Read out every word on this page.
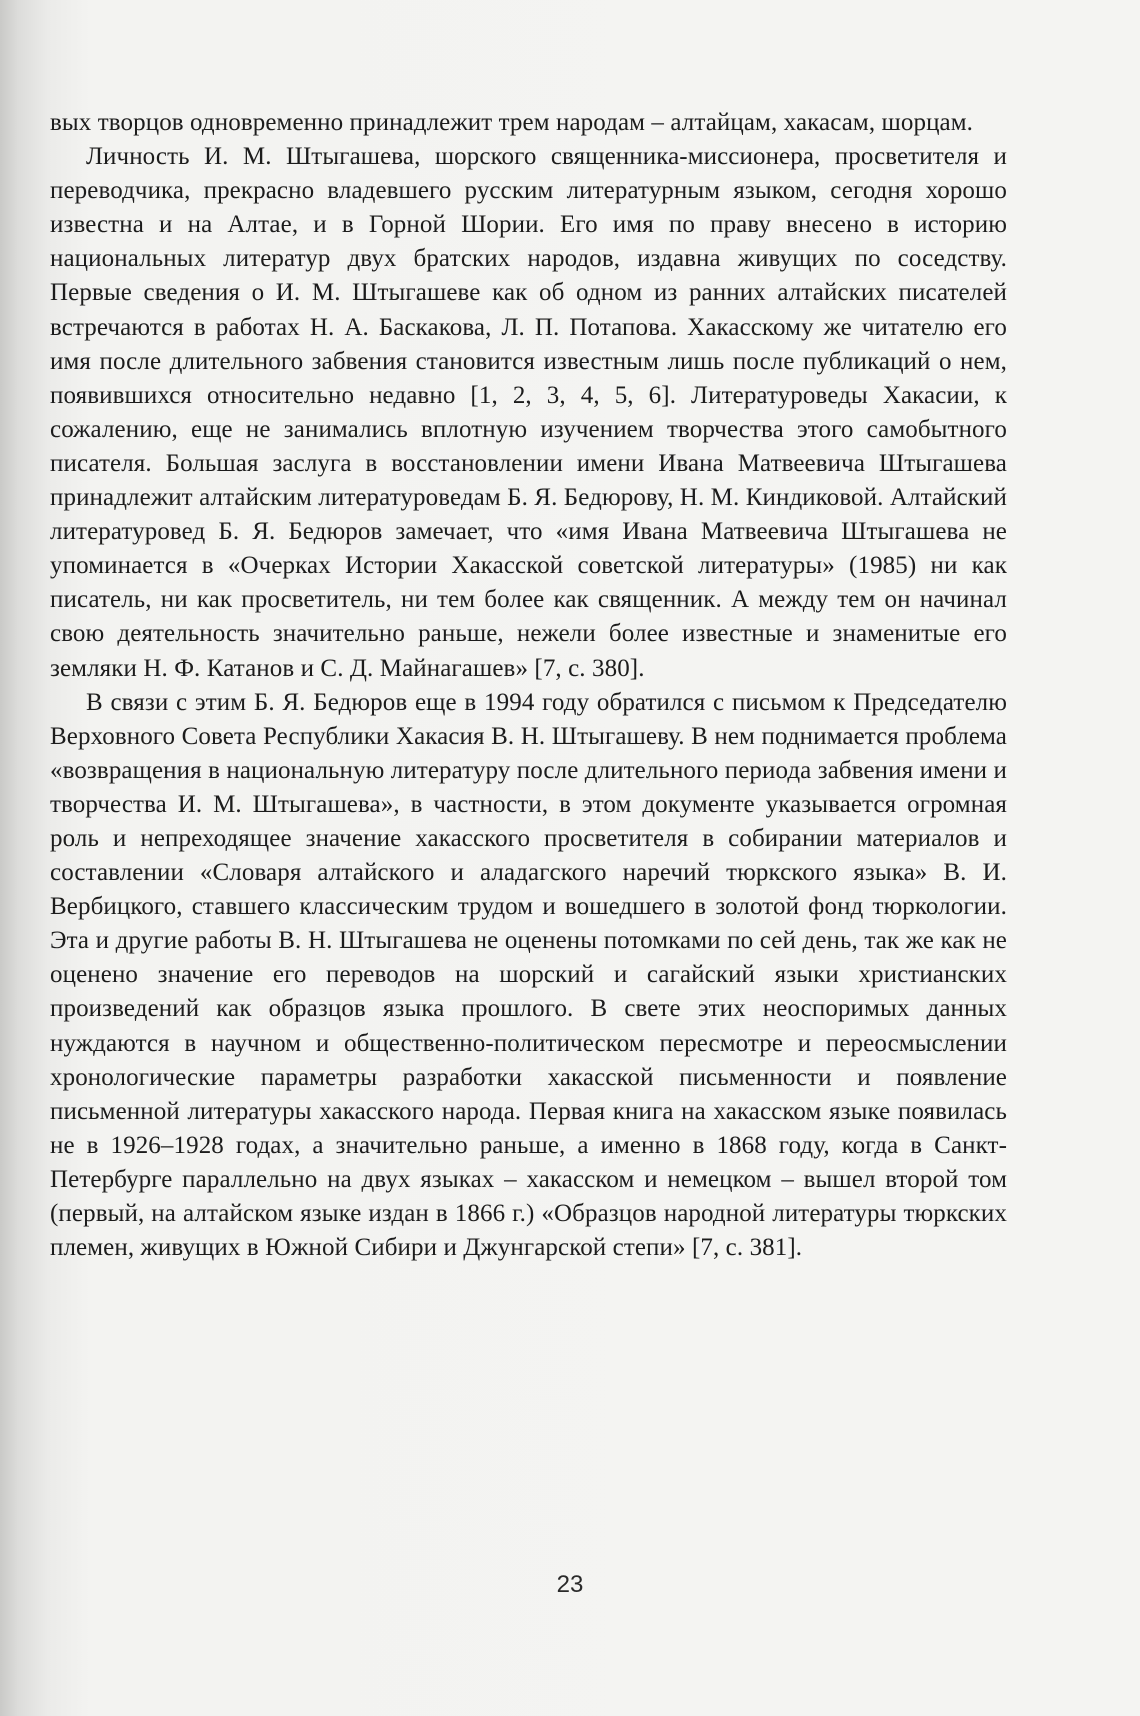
вых творцов одновременно принадлежит трем народам – алтайцам, хакасам, шорцам.

Личность И. М. Штыгашева, шорского священника-миссионера, просветителя и переводчика, прекрасно владевшего русским литературным языком, сегодня хорошо известна и на Алтае, и в Горной Шории. Его имя по праву внесено в историю национальных литератур двух братских народов, издавна живущих по соседству. Первые сведения о И. М. Штыгашеве как об одном из ранних алтайских писателей встречаются в работах Н. А. Баскакова, Л. П. Потапова. Хакасскому же читателю его имя после длительного забвения становится известным лишь после публикаций о нем, появившихся относительно недавно [1, 2, 3, 4, 5, 6]. Литературоведы Хакасии, к сожалению, еще не занимались вплотную изучением творчества этого самобытного писателя. Большая заслуга в восстановлении имени Ивана Матвеевича Штыгашева принадлежит алтайским литературоведам Б. Я. Бедюрову, Н. М. Киндиковой. Алтайский литературовед Б. Я. Бедюров замечает, что «имя Ивана Матвеевича Штыгашева не упоминается в «Очерках Истории Хакасской советской литературы» (1985) ни как писатель, ни как просветитель, ни тем более как священник. А между тем он начинал свою деятельность значительно раньше, нежели более известные и знаменитые его земляки Н. Ф. Катанов и С. Д. Майнагашев» [7, с. 380].

В связи с этим Б. Я. Бедюров еще в 1994 году обратился с письмом к Председателю Верховного Совета Республики Хакасия В. Н. Штыгашеву. В нем поднимается проблема «возвращения в национальную литературу после длительного периода забвения имени и творчества И. М. Штыгашева», в частности, в этом документе указывается огромная роль и непреходящее значение хакасского просветителя в собирании материалов и составлении «Словаря алтайского и аладагского наречий тюркского языка» В. И. Вербицкого, ставшего классическим трудом и вошедшего в золотой фонд тюркологии. Эта и другие работы В. Н. Штыгашева не оценены потомками по сей день, так же как не оценено значение его переводов на шорский и сагайский языки христианских произведений как образцов языка прошлого. В свете этих неоспоримых данных нуждаются в научном и общественно-политическом пересмотре и переосмыслении хронологические параметры разработки хакасской письменности и появление письменной литературы хакасского народа. Первая книга на хакасском языке появилась не в 1926–1928 годах, а значительно раньше, а именно в 1868 году, когда в Санкт-Петербурге параллельно на двух языках – хакасском и немецком – вышел второй том (первый, на алтайском языке издан в 1866 г.) «Образцов народной литературы тюркских племен, живущих в Южной Сибири и Джунгарской степи» [7, с. 381].

23
